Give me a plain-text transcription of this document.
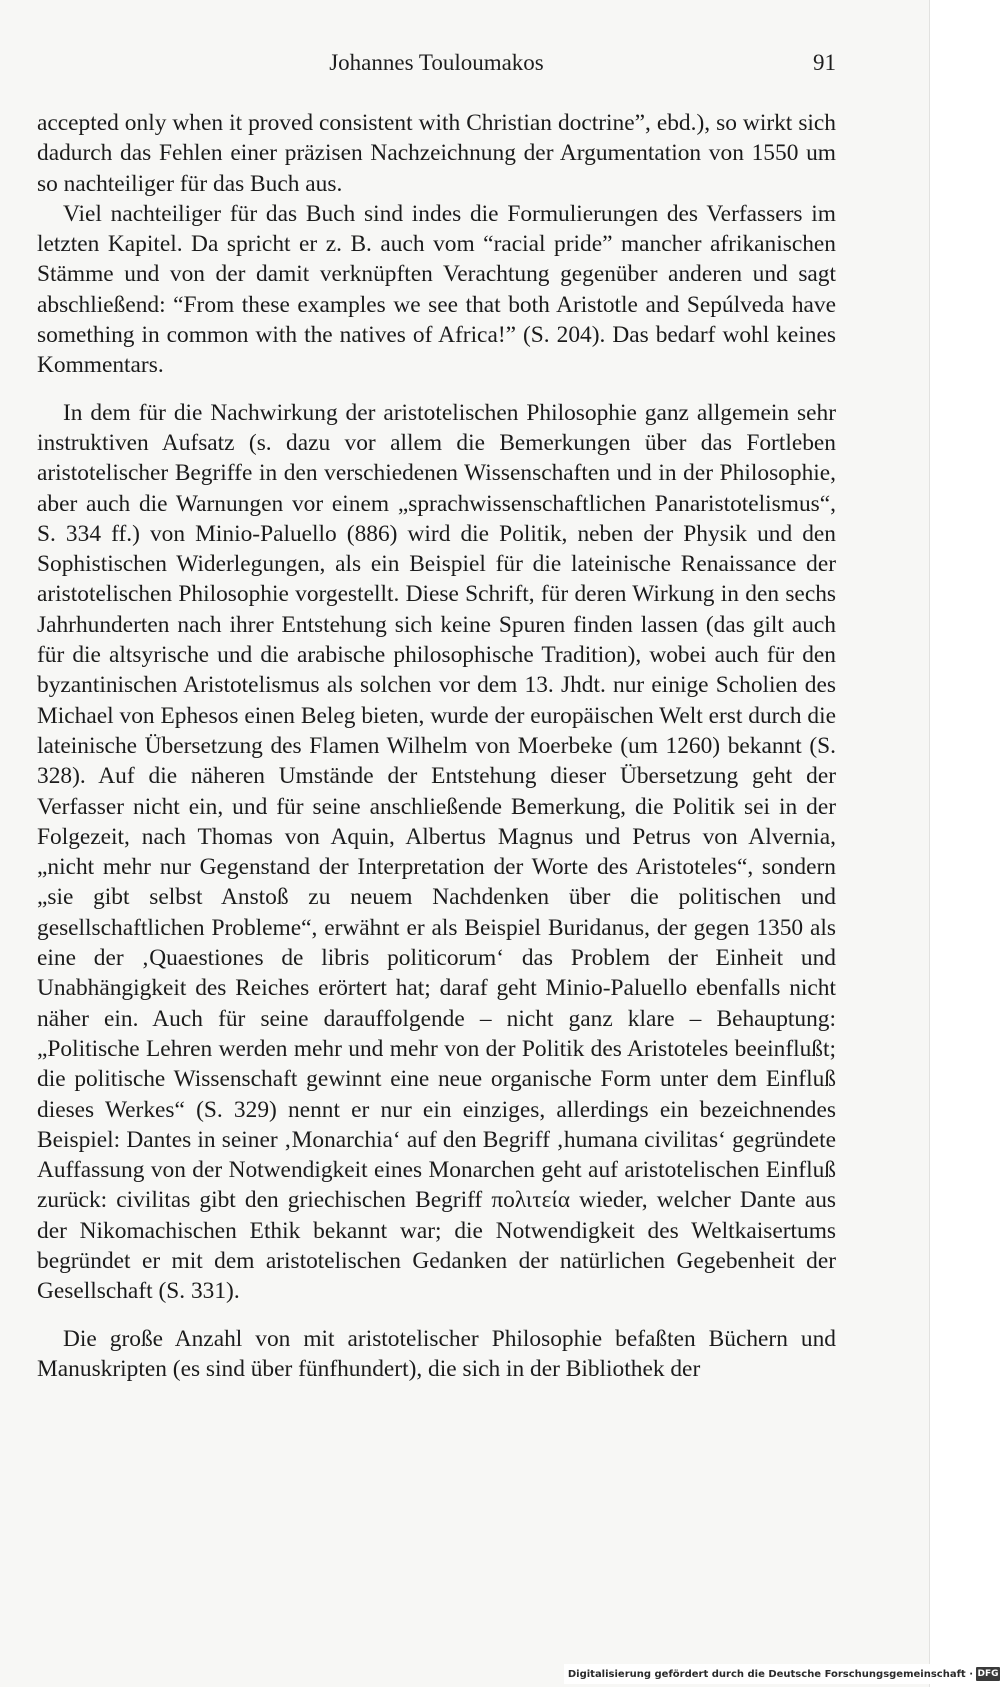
Johannes Touloumakos	91

accepted only when it proved consistent with Christian doctrine”, ebd.), so wirkt sich dadurch das Fehlen einer präzisen Nachzeichnung der Argumentation von 1550 um so nachteiliger für das Buch aus.

Viel nachteiliger für das Buch sind indes die Formulierungen des Verfassers im letzten Kapitel. Da spricht er z. B. auch vom “racial pride” mancher afrikanischen Stämme und von der damit verknüpften Verachtung gegenüber anderen und sagt abschließend: “From these examples we see that both Aristotle and Sepúlveda have something in common with the natives of Africa!” (S. 204). Das bedarf wohl keines Kommentars.

In dem für die Nachwirkung der aristotelischen Philosophie ganz allgemein sehr instruktiven Aufsatz (s. dazu vor allem die Bemerkungen über das Fortleben aristotelischer Begriffe in den verschiedenen Wissenschaften und in der Philosophie, aber auch die Warnungen vor einem „sprachwissenschaftlichen Panaristotelismus“, S. 334 ff.) von Minio-Paluello (886) wird die Politik, neben der Physik und den Sophistischen Widerlegungen, als ein Beispiel für die lateinische Renaissance der aristotelischen Philosophie vorgestellt. Diese Schrift, für deren Wirkung in den sechs Jahrhunderten nach ihrer Entstehung sich keine Spuren finden lassen (das gilt auch für die altsyrische und die arabische philosophische Tradition), wobei auch für den byzantinischen Aristotelismus als solchen vor dem 13. Jhdt. nur einige Scholien des Michael von Ephesos einen Beleg bieten, wurde der europäischen Welt erst durch die lateinische Übersetzung des Flamen Wilhelm von Moerbeke (um 1260) bekannt (S. 328). Auf die näheren Umstände der Entstehung dieser Übersetzung geht der Verfasser nicht ein, und für seine anschließende Bemerkung, die Politik sei in der Folgezeit, nach Thomas von Aquin, Albertus Magnus und Petrus von Alvernia, „nicht mehr nur Gegenstand der Interpretation der Worte des Aristoteles“, sondern „sie gibt selbst Anstoß zu neuem Nachdenken über die politischen und gesellschaftlichen Probleme“, erwähnt er als Beispiel Buridanus, der gegen 1350 als eine der ‚Quaestiones de libris politicorum‘ das Problem der Einheit und Unabhängigkeit des Reiches erörtert hat; daraf geht Minio-Paluello ebenfalls nicht näher ein. Auch für seine darauffolgende – nicht ganz klare – Behauptung: „Politische Lehren werden mehr und mehr von der Politik des Aristoteles beeinflußt; die politische Wissenschaft gewinnt eine neue organische Form unter dem Einfluß dieses Werkes“ (S. 329) nennt er nur ein einziges, allerdings ein bezeichnendes Beispiel: Dantes in seiner ‚Monarchia‘ auf den Begriff ‚humana civilitas‘ gegründete Auffassung von der Notwendigkeit eines Monarchen geht auf aristotelischen Einfluß zurück: civilitas gibt den griechischen Begriff πολιτεία wieder, welcher Dante aus der Nikomachischen Ethik bekannt war; die Notwendigkeit des Weltkaisertums begründet er mit dem aristotelischen Gedanken der natürlichen Gegebenheit der Gesellschaft (S. 331).

Die große Anzahl von mit aristotelischer Philosophie befaßten Büchern und Manuskripten (es sind über fünfhundert), die sich in der Bibliothek der

Digitalisierung gefördert durch die Deutsche Forschungsgemeinschaft · DFG
